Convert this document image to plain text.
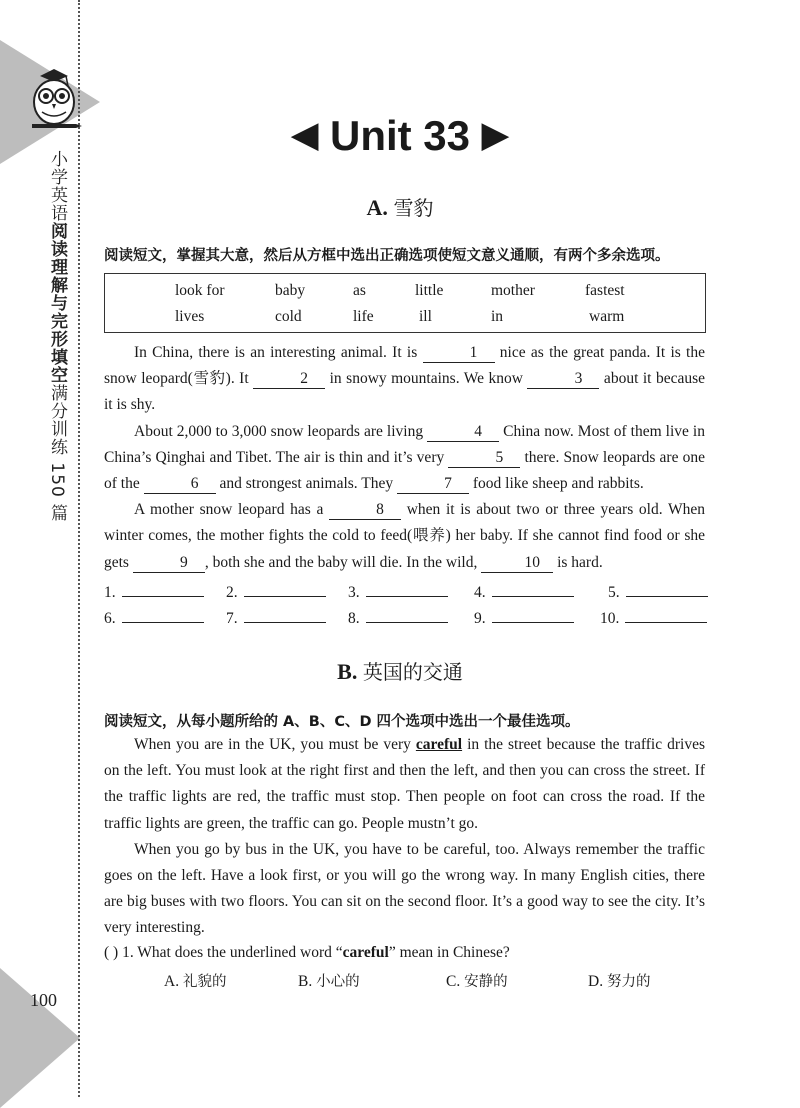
小学英语阅读理解与完形填空满分训练 150 篇
100
◀ Unit 33 ▶
A. 雪豹
阅读短文，掌握其大意，然后从方框中选出正确选项使短文意义通顺，有两个多余选项。
look for	baby	as	little	mother	fastest
lives	cold	life	ill	in	warm

In China, there is an interesting animal. It is	1 nice as the great panda. It is the snow leopard(雪豹). It	2 in snowy mountains. We know	3 about it because it is shy.

About 2,000 to 3,000 snow leopards are living	4 China now. Most of them live in China’s Qinghai and Tibet. The air is thin and it’s very	5 there. Snow leopards are one of the	6 and strongest animals. They	7 food like sheep and rabbits.

A mother snow leopard has a	8 when it is about two or three years old. When winter comes, the mother fights the cold to feed(喂养) her baby. If she cannot find food or she gets	9 , both she and the baby will die. In the wild,	10 is hard.

1.	2.	3.	4.	5.
6.	7.	8.	9.	10.
B. 英国的交通
阅读短文，从每小题所给的 A、B、C、D 四个选项中选出一个最佳选项。

When you are in the UK, you must be very careful in the street because the traffic drives on the left. You must look at the right first and then the left, and then you can cross the street. If the traffic lights are red, the traffic must stop. Then people on foot can cross the road. If the traffic lights are green, the traffic can go. People mustn’t go.

When you go by bus in the UK, you have to be careful, too. Always remember the traffic goes on the left. Have a look first, or you will go the wrong way. In many English cities, there are big buses with two floors. You can sit on the second floor. It’s a good way to see the city. It’s very interesting.

( ) 1. What does the underlined word “careful” mean in Chinese?
A. 礼貌的	B. 小心的	C. 安静的	D. 努力的
